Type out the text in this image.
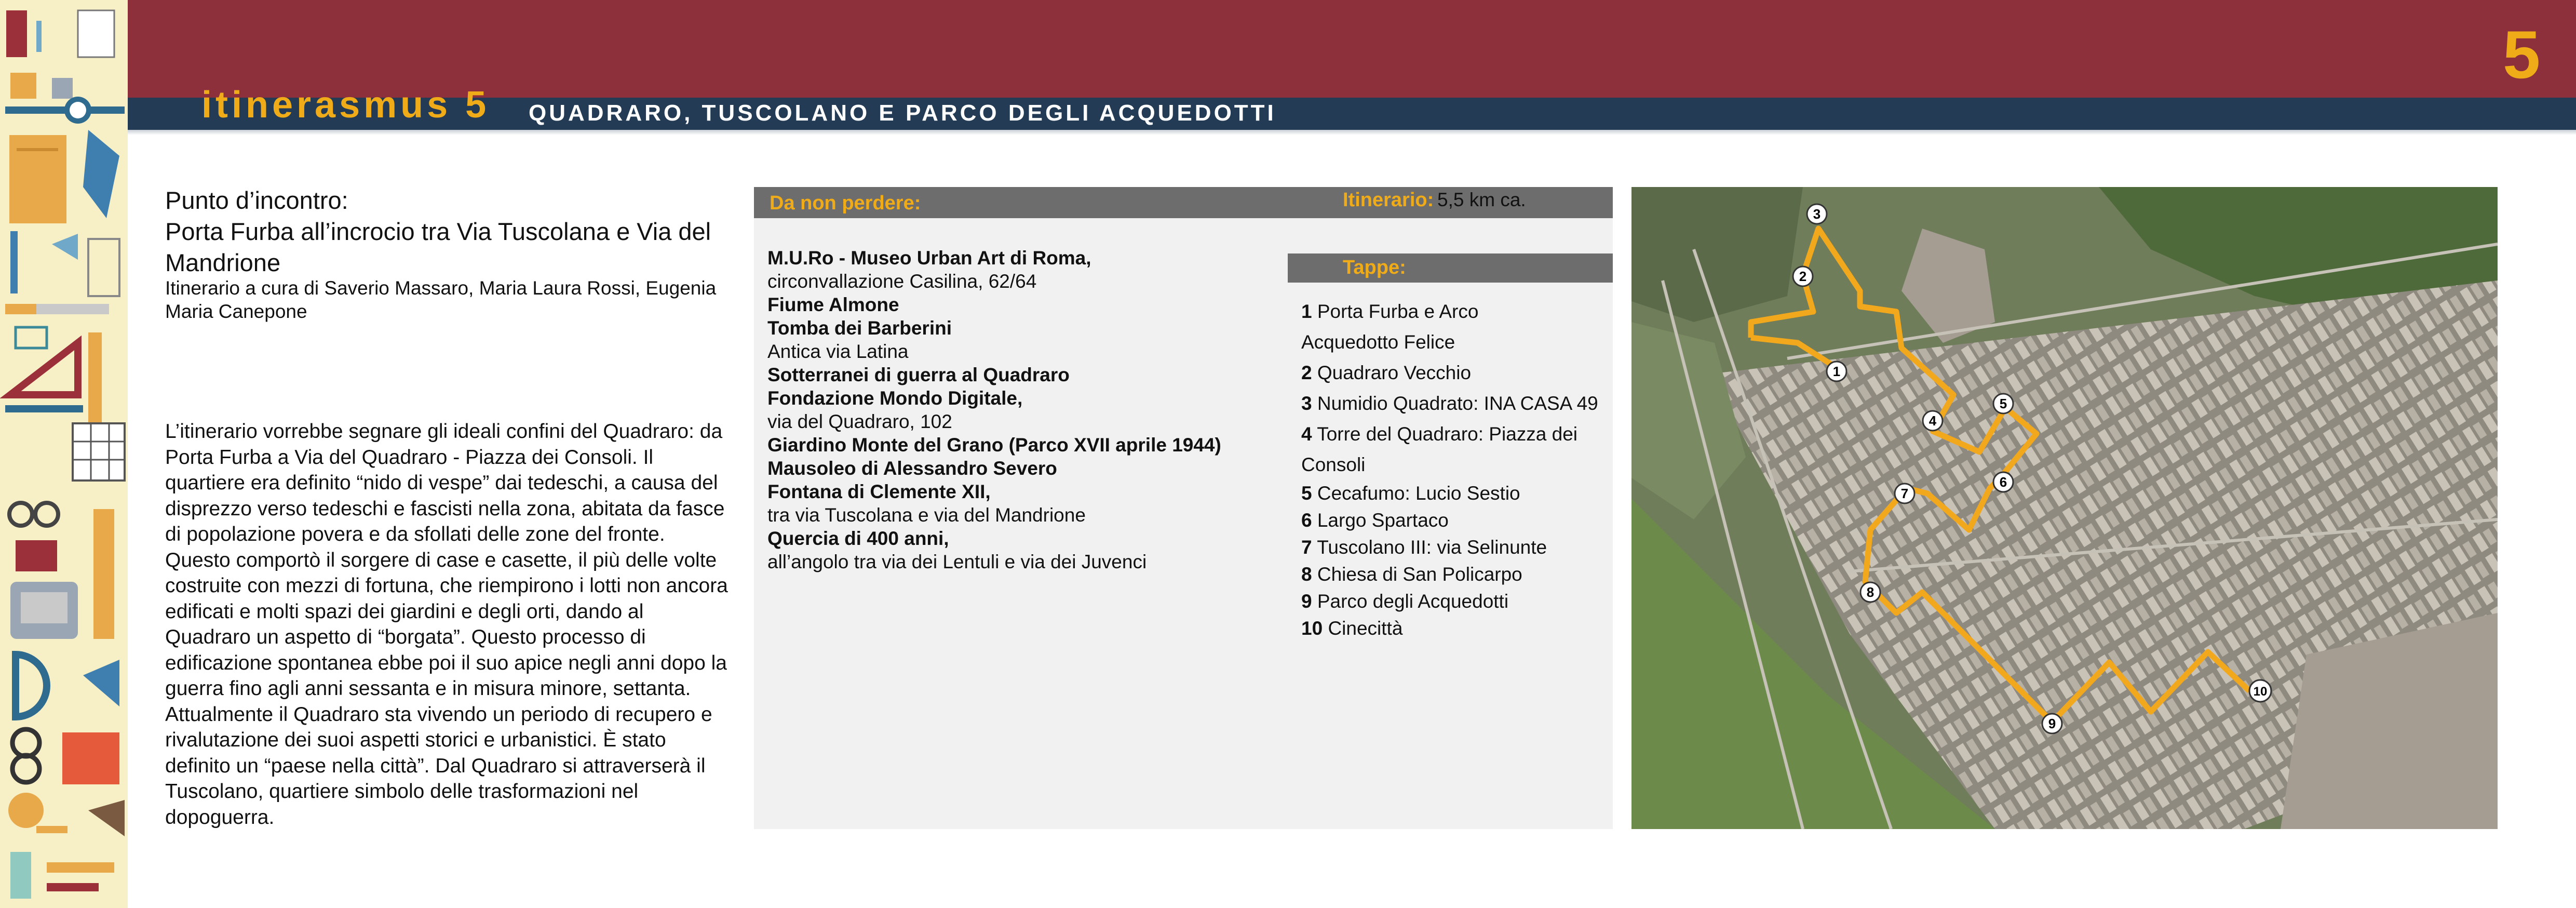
itinerasmus 5 QUADRARO, TUSCOLANO E PARCO DEGLI ACQUEDOTTI
5
Punto d’incontro:
Porta Furba all’incrocio tra Via Tuscolana e Via del Mandrione
Itinerario a cura di Saverio Massaro, Maria Laura Rossi, Eugenia Maria Canepone
L’itinerario vorrebbe segnare gli ideali confini del Quadraro: da Porta Furba a Via del Quadraro - Piazza dei Consoli. Il quartiere era definito “nido di vespe” dai tedeschi, a causa del disprezzo verso tedeschi e fascisti nella zona, abitata da fasce di popolazione povera e da sfollati delle zone del fronte. Questo comportò il sorgere di case e casette, il più delle volte costruite con mezzi di fortuna, che riempirono i lotti non ancora edificati e molti spazi dei giardini e degli orti, dando al Quadraro un aspetto di “borgata”. Questo processo di edificazione spontanea ebbe poi il suo apice negli anni dopo la guerra fino agli anni sessanta e in misura minore, settanta. Attualmente il Quadraro sta vivendo un periodo di recupero e rivalutazione dei suoi aspetti storici e urbanistici. È stato definito un “paese nella città”. Dal Quadraro si attraverserà il Tuscolano, quartiere simbolo delle trasformazioni nel dopoguerra.
Da non perdere:	Itinerario: 5,5 km ca.
M.U.Ro - Museo Urban Art di Roma,
circonvallazione Casilina, 62/64
Fiume Almone
Tomba dei Barberini
Antica via Latina
Sotterranei di guerra al Quadraro
Fondazione Mondo Digitale,
via del Quadraro, 102
Giardino Monte del Grano (Parco XVII aprile 1944)
Mausoleo di Alessandro Severo
Fontana di Clemente XII,
tra via Tuscolana e via del Mandrione
Quercia di 400 anni,
all’angolo tra via dei Lentuli e via dei Juvenci
Tappe:
1 Porta Furba e Arco
Acquedotto Felice
2 Quadraro Vecchio
3 Numidio Quadrato: INA CASA 49
4 Torre del Quadraro: Piazza dei
Consoli
5 Cecafumo: Lucio Sestio
6 Largo Spartaco
7 Tuscolano III: via Selinunte
8 Chiesa di San Policarpo
9 Parco degli Acquedotti
10 Cinecittà
1
2
3
4
5
6
7
8
9
10
